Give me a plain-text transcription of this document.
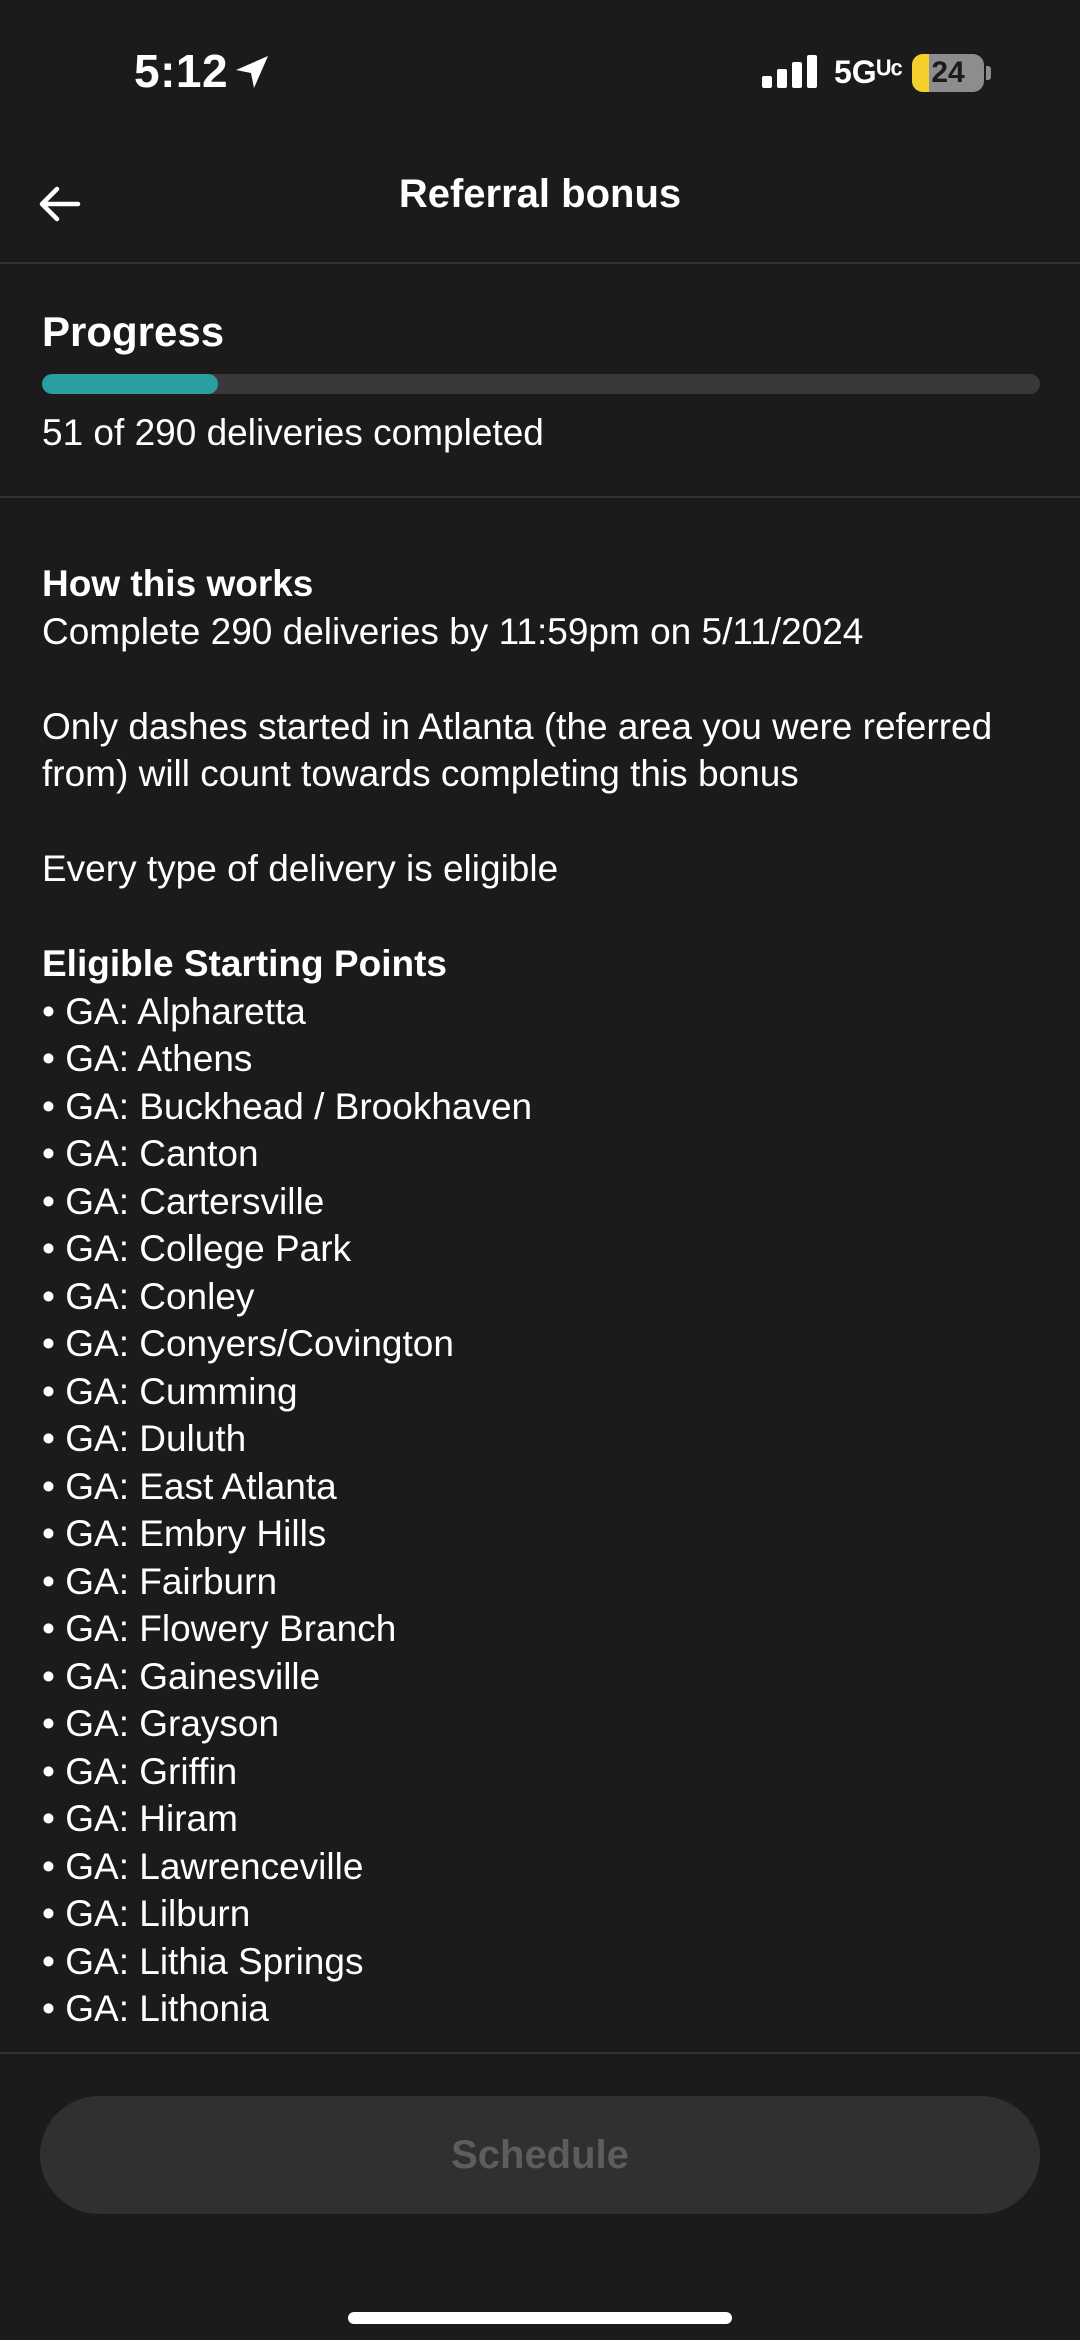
5:12	5Gᵁᶜ 24
Referral bonus
Progress
51 of 290 deliveries completed

How this works

Complete 290 deliveries by 11:59pm on 5/11/2024

Only dashes started in Atlanta (the area you were referred from) will count towards completing this bonus

Every type of delivery is eligible

Eligible Starting Points

• GA: Alpharetta
• GA: Athens
• GA: Buckhead / Brookhaven
• GA: Canton
• GA: Cartersville
• GA: College Park
• GA: Conley
• GA: Conyers/Covington
• GA: Cumming
• GA: Duluth
• GA: East Atlanta
• GA: Embry Hills
• GA: Fairburn
• GA: Flowery Branch
• GA: Gainesville
• GA: Grayson
• GA: Griffin
• GA: Hiram
• GA: Lawrenceville
• GA: Lilburn
• GA: Lithia Springs
• GA: Lithonia
Schedule
